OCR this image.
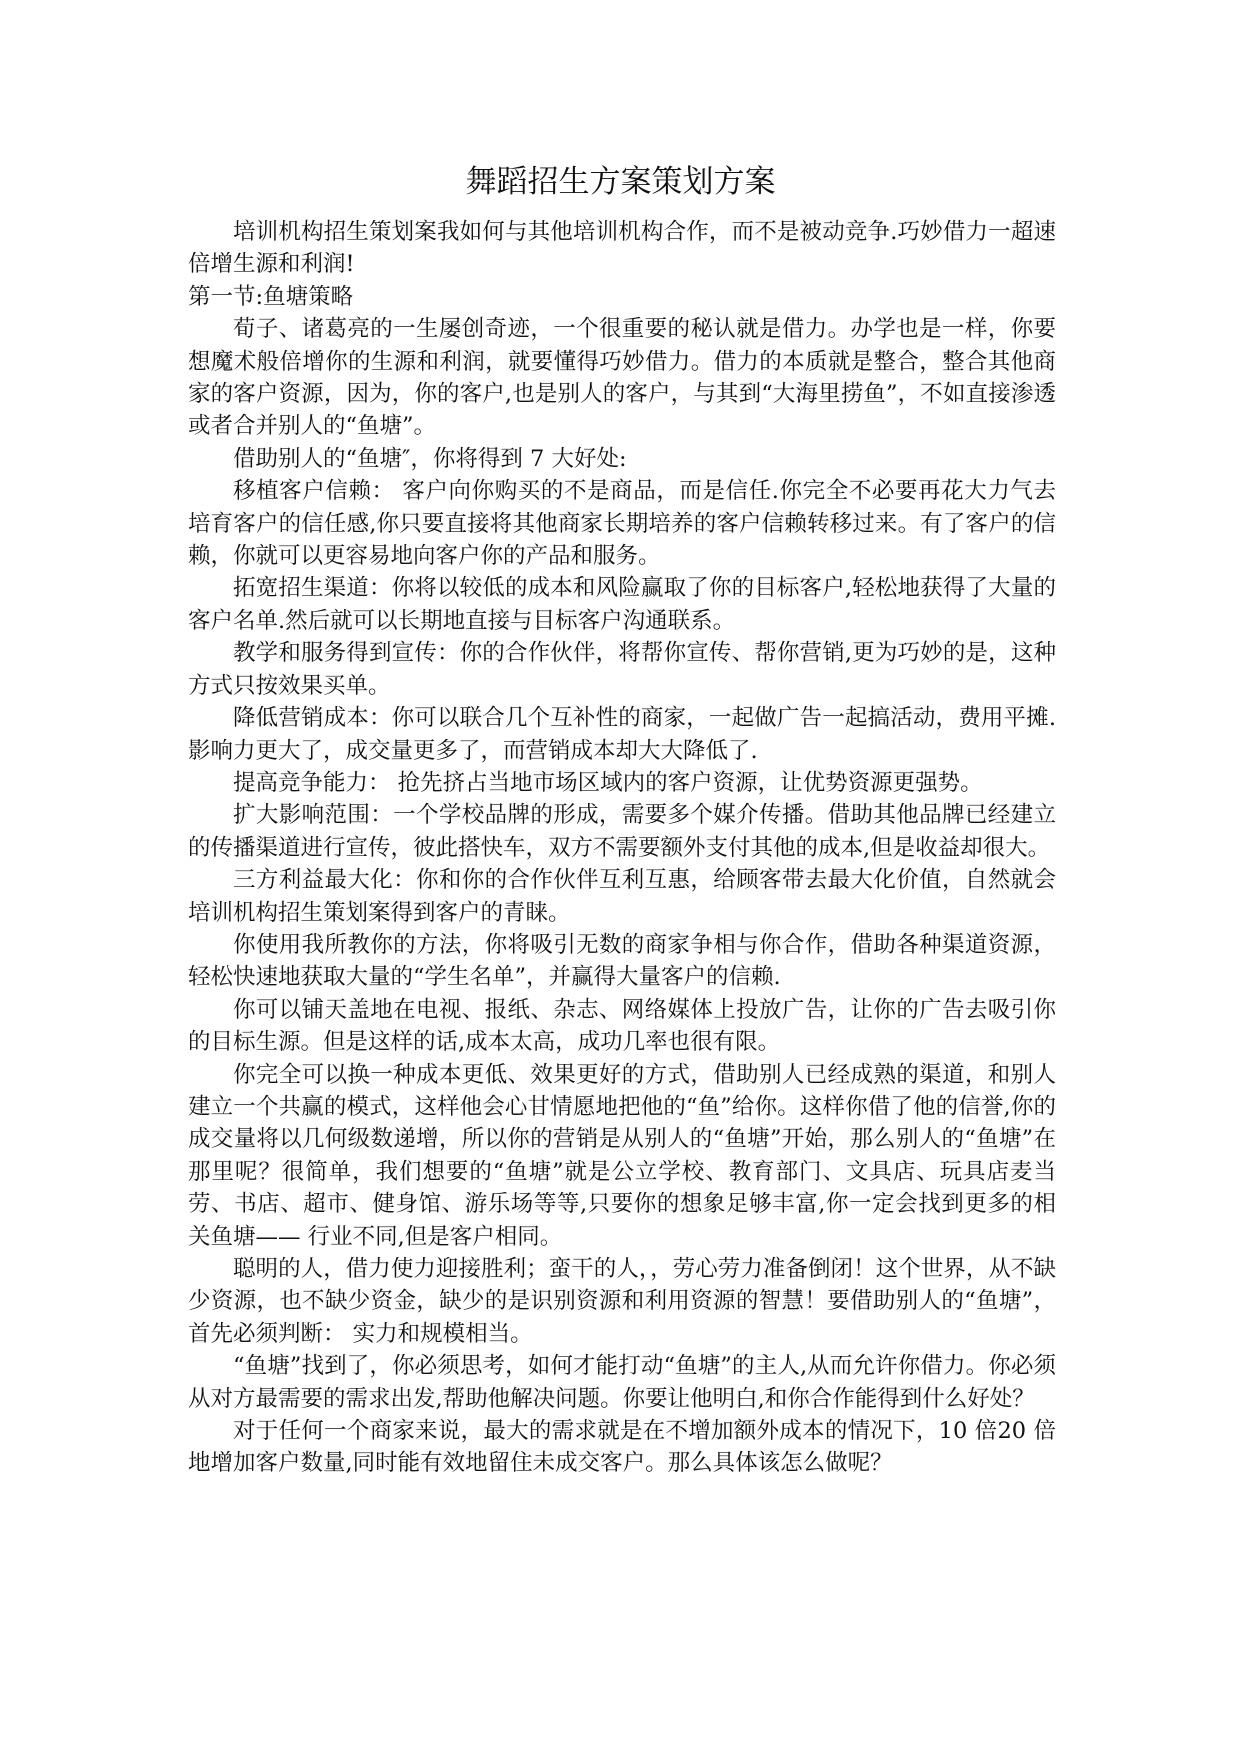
舞蹈招生方案策划方案

培训机构招生策划案我如何与其他培训机构合作，而不是被动竞争.巧妙借力一超速倍增生源和利润!

第一节:鱼塘策略

荀子、诸葛亮的一生屡创奇迹，一个很重要的秘认就是借力。办学也是一样，你要想魔术般倍增你的生源和利润，就要懂得巧妙借力。借力的本质就是整合，整合其他商家的客户资源，因为，你的客户,也是别人的客户，与其到“大海里捞鱼”，不如直接渗透或者合并别人的“鱼塘”。

借助别人的“鱼塘″，你将得到 7 大好处:

移植客户信赖： 客户向你购买的不是商品，而是信任.你完全不必要再花大力气去培育客户的信任感,你只要直接将其他商家长期培养的客户信赖转移过来。有了客户的信赖，你就可以更容易地向客户你的产品和服务。

拓宽招生渠道：你将以较低的成本和风险赢取了你的目标客户,轻松地获得了大量的客户名单.然后就可以长期地直接与目标客户沟通联系。

教学和服务得到宣传：你的合作伙伴，将帮你宣传、帮你营销,更为巧妙的是，这种方式只按效果买单。

降低营销成本：你可以联合几个互补性的商家，一起做广告一起搞活动，费用平摊.影响力更大了，成交量更多了，而营销成本却大大降低了.

提高竞争能力： 抢先挤占当地市场区域内的客户资源，让优势资源更强势。

扩大影响范围：一个学校品牌的形成，需要多个媒介传播。借助其他品牌已经建立的传播渠道进行宣传，彼此搭快车，双方不需要额外支付其他的成本,但是收益却很大。

三方利益最大化：你和你的合作伙伴互利互惠，给顾客带去最大化价值，自然就会培训机构招生策划案得到客户的青睐。

你使用我所教你的方法，你将吸引无数的商家争相与你合作，借助各种渠道资源，轻松快速地获取大量的“学生名单”，并赢得大量客户的信赖.

你可以铺天盖地在电视、报纸、杂志、网络媒体上投放广告，让你的广告去吸引你的目标生源。但是这样的话,成本太高，成功几率也很有限。

你完全可以换一种成本更低、效果更好的方式，借助别人已经成熟的渠道，和别人建立一个共赢的模式，这样他会心甘情愿地把他的“鱼”给你。这样你借了他的信誉,你的成交量将以几何级数递增，所以你的营销是从别人的“鱼塘”开始，那么别人的“鱼塘”在那里呢？很简单，我们想要的“鱼塘”就是公立学校、教育部门、文具店、玩具店麦当劳、书店、超市、健身馆、游乐场等等,只要你的想象足够丰富,你一定会找到更多的相关鱼塘—— 行业不同,但是客户相同。

聪明的人，借力使力迎接胜利；蛮干的人，，劳心劳力准备倒闭！这个世界，从不缺少资源，也不缺少资金，缺少的是识别资源和利用资源的智慧！要借助别人的“鱼塘”，首先必须判断： 实力和规模相当。

“鱼塘”找到了，你必须思考，如何才能打动“鱼塘”的主人,从而允许你借力。你必须从对方最需要的需求出发,帮助他解决问题。你要让他明白,和你合作能得到什么好处？

对于任何一个商家来说，最大的需求就是在不增加额外成本的情况下，10 倍20 倍地增加客户数量,同时能有效地留住未成交客户。那么具体该怎么做呢？
